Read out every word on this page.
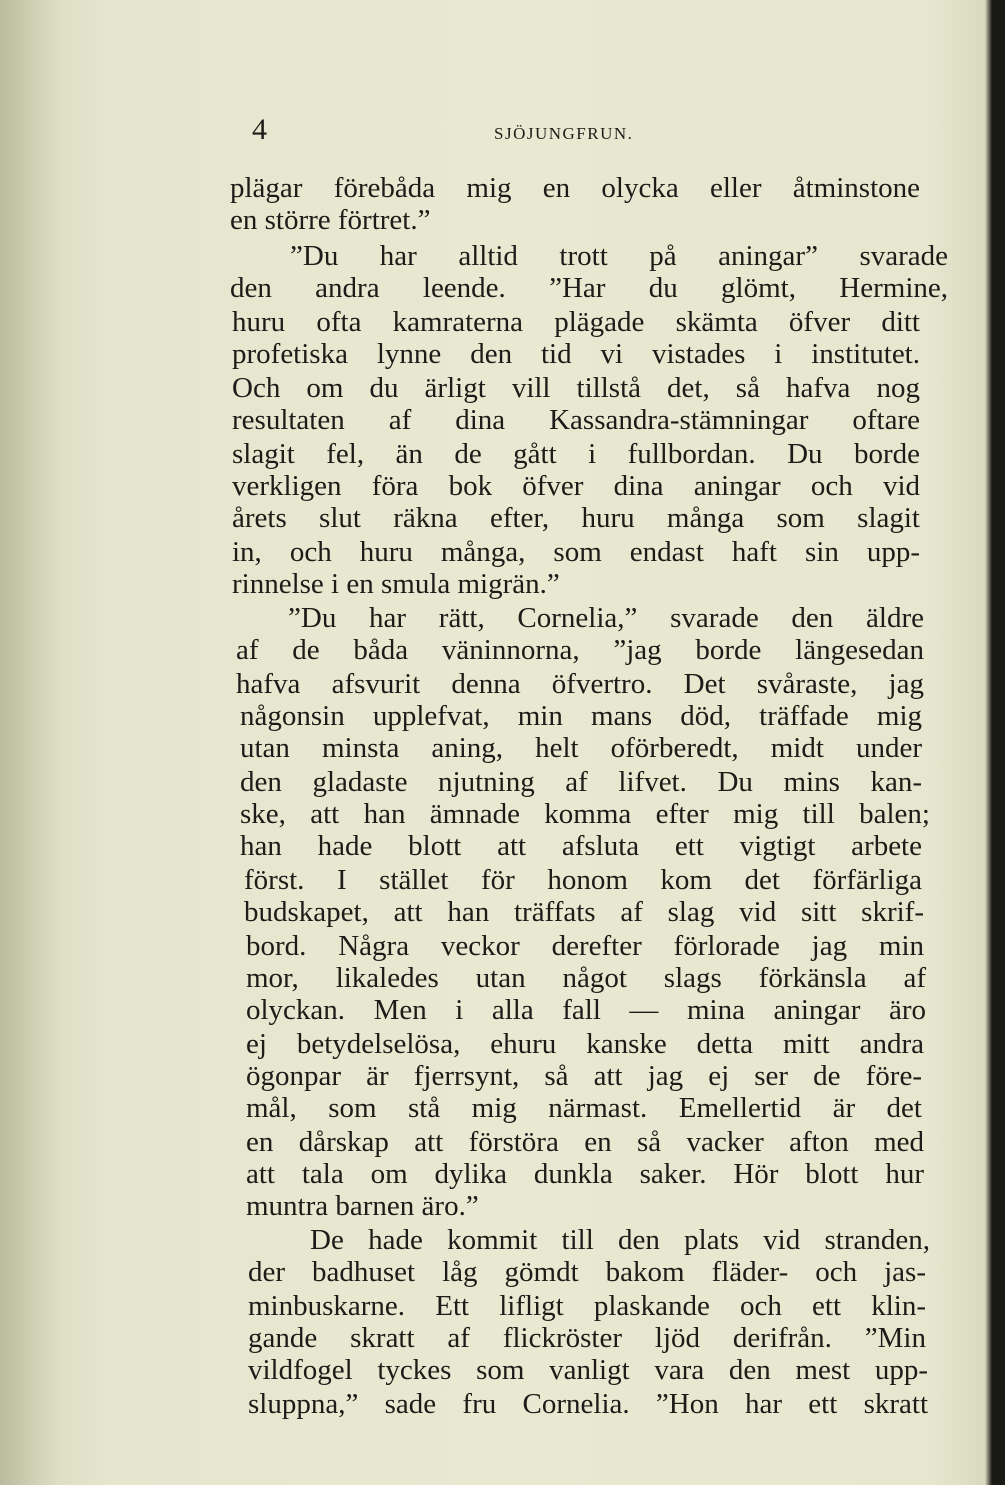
4	SJÖJUNGFRUN.
plägar förebåda mig en olycka eller åtminstone
en större förtret.”
”Du har alltid trott på aningar” svarade
den andra leende. ”Har du glömt, Hermine,
huru ofta kamraterna plägade skämta öfver ditt
profetiska lynne den tid vi vistades i institutet.
Och om du ärligt vill tillstå det, så hafva nog
resultaten af dina Kassandra-stämningar oftare
slagit fel, än de gått i fullbordan. Du borde
verkligen föra bok öfver dina aningar och vid
årets slut räkna efter, huru många som slagit
in, och huru många, som endast haft sin upp-
rinnelse i en smula migrän.”
”Du har rätt, Cornelia,” svarade den äldre
af de båda väninnorna, ”jag borde längesedan
hafva afsvurit denna öfvertro. Det svåraste, jag
någonsin upplefvat, min mans död, träffade mig
utan minsta aning, helt oförberedt, midt under
den gladaste njutning af lifvet. Du mins kan-
ske, att han ämnade komma efter mig till balen;
han hade blott att afsluta ett vigtigt arbete
först. I stället för honom kom det förfärliga
budskapet, att han träffats af slag vid sitt skrif-
bord. Några veckor derefter förlorade jag min
mor, likaledes utan något slags förkänsla af
olyckan. Men i alla fall — mina aningar äro
ej betydelselösa, ehuru kanske detta mitt andra
ögonpar är fjerrsynt, så att jag ej ser de före-
mål, som stå mig närmast. Emellertid är det
en dårskap att förstöra en så vacker afton med
att tala om dylika dunkla saker. Hör blott hur
muntra barnen äro.”
De hade kommit till den plats vid stranden,
der badhuset låg gömdt bakom fläder- och jas-
minbuskarne. Ett lifligt plaskande och ett klin-
gande skratt af flickröster ljöd derifrån. ”Min
vildfogel tyckes som vanligt vara den mest upp-
sluppna,” sade fru Cornelia. ”Hon har ett skratt
